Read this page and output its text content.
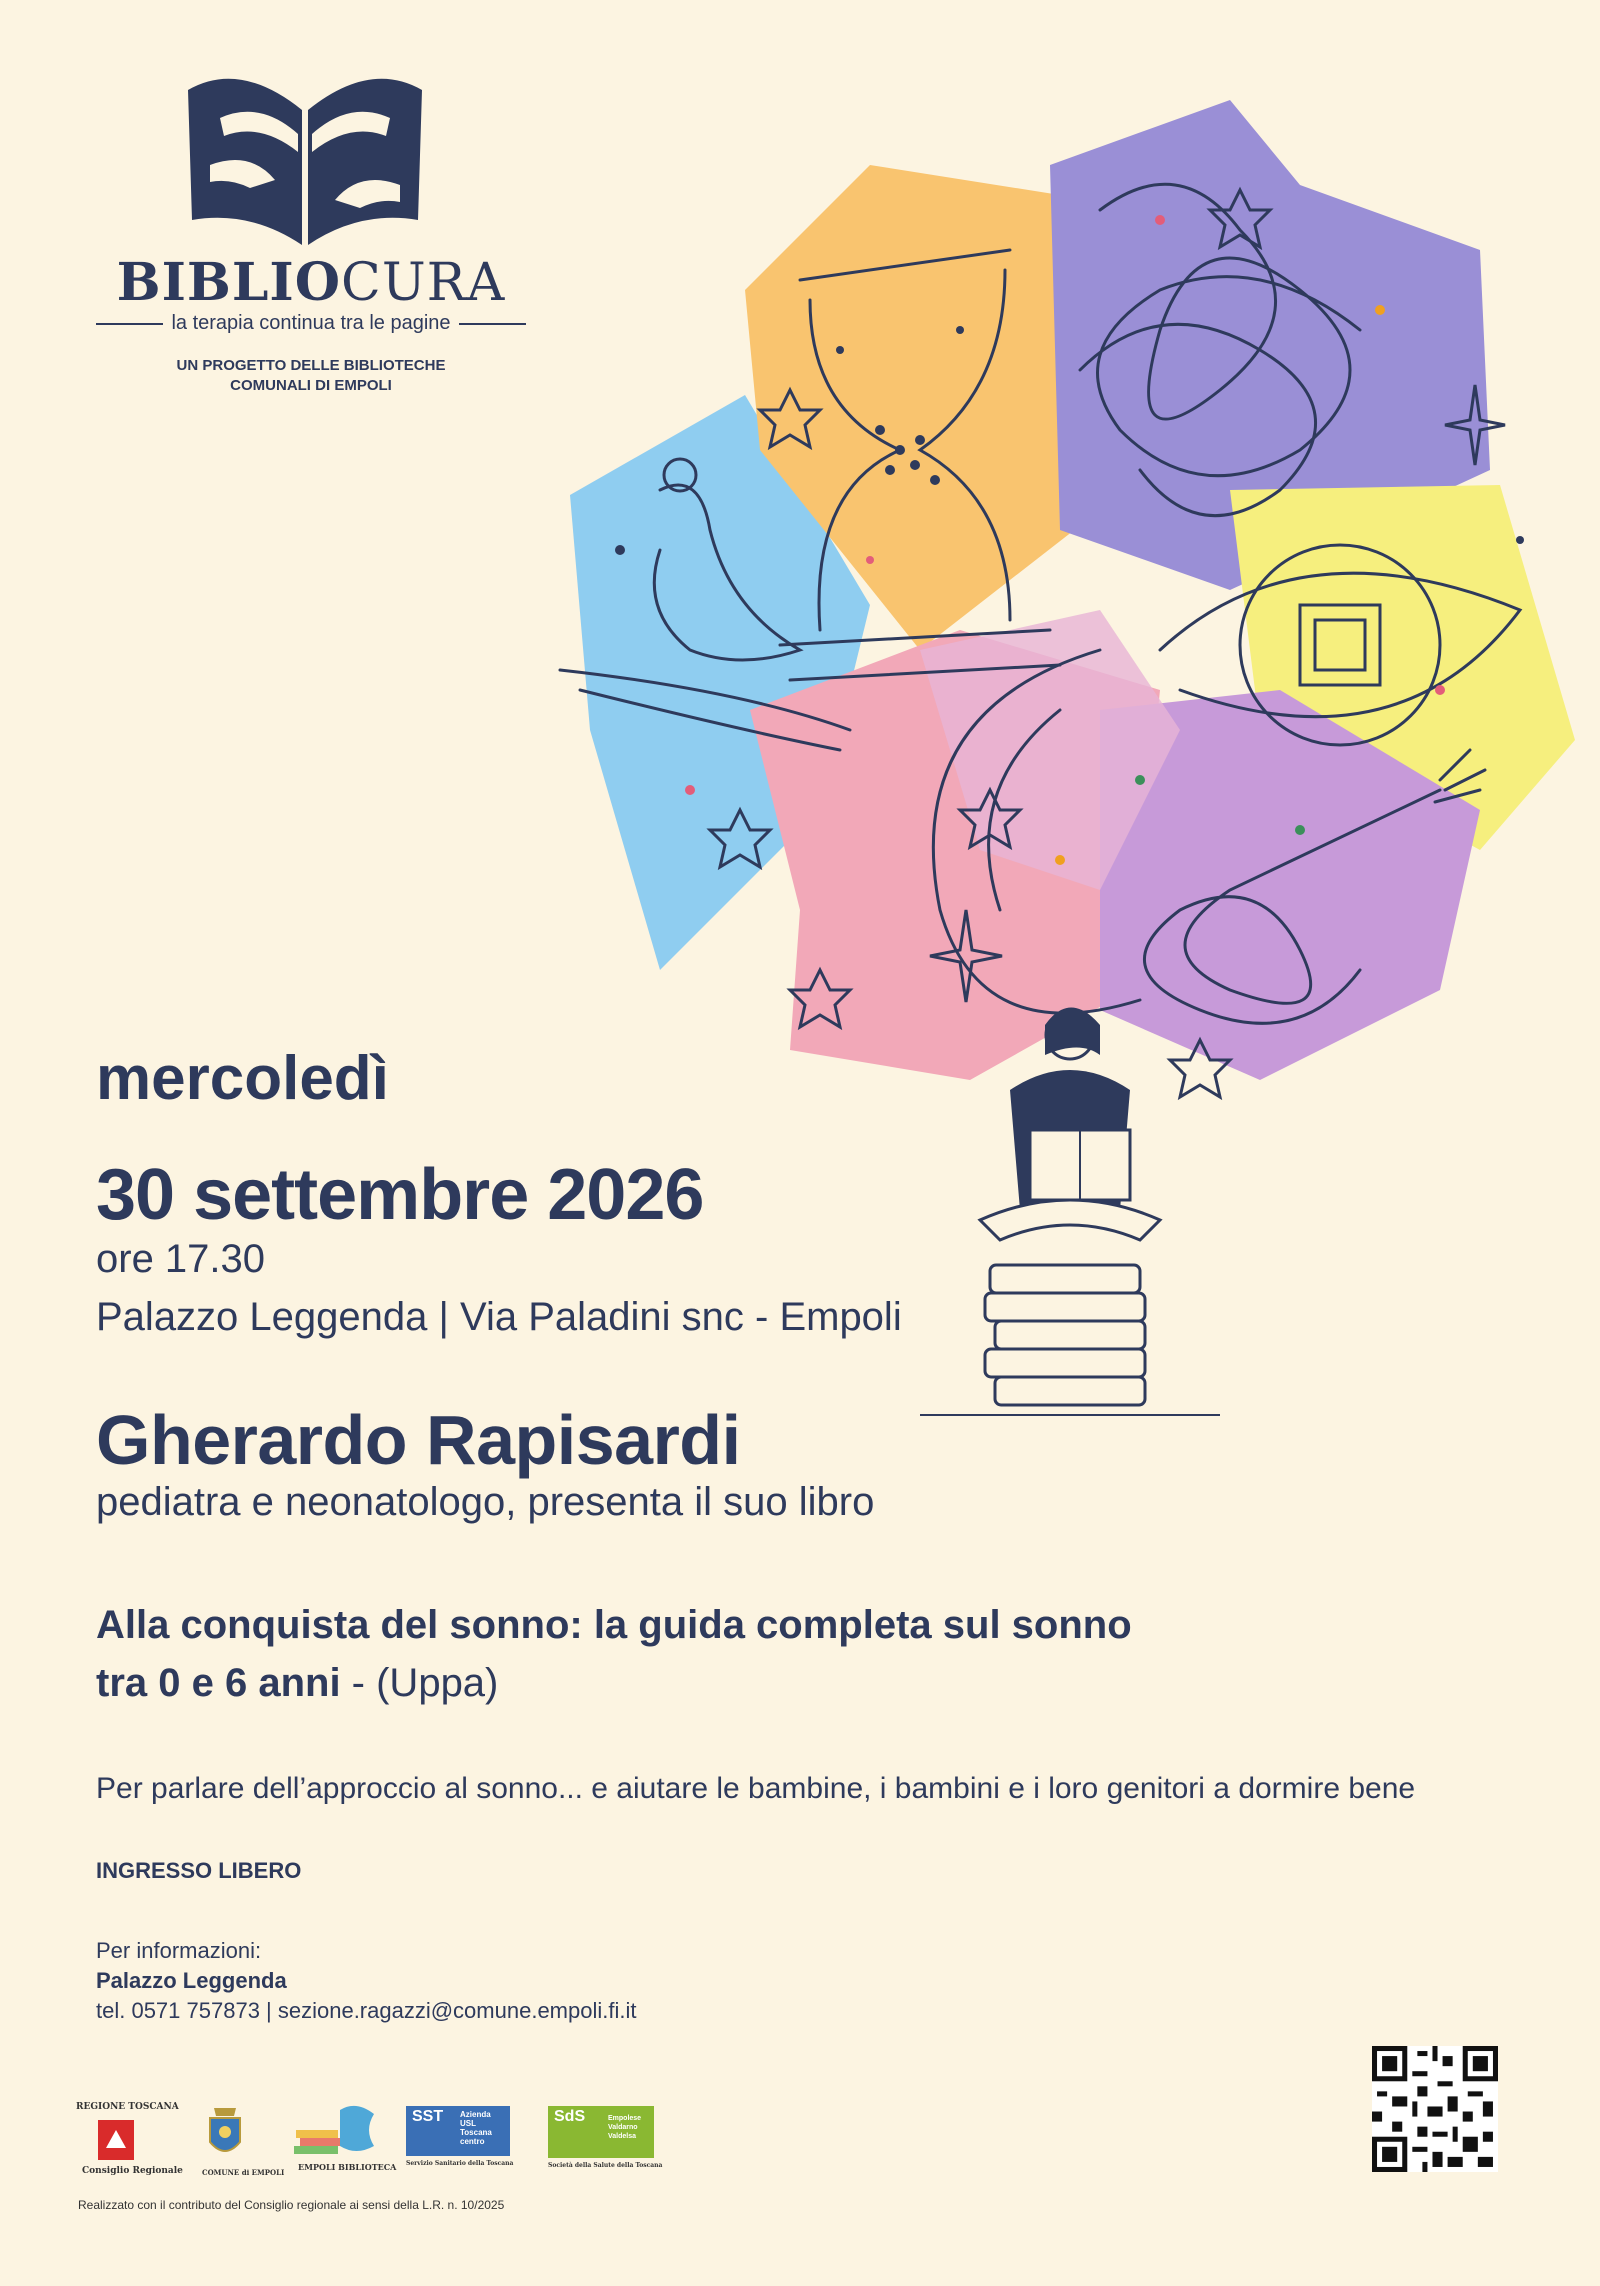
BIBLIOCURA
la terapia continua tra le pagine
UN PROGETTO DELLE BIBLIOTECHE
COMUNALI DI EMPOLI
mercoledì
30 settembre 2026
ore 17.30
Palazzo Leggenda | Via Paladini snc - Empoli
Gherardo Rapisardi
pediatra e neonatologo, presenta il suo libro
Alla conquista del sonno: la guida completa sul sonno
tra 0 e 6 anni - (Uppa)
Per parlare dell’approccio al sonno... e aiutare le bambine, i bambini e i loro genitori a dormire bene
INGRESSO LIBERO
Per informazioni:
Palazzo Leggenda
tel. 0571 757873 | sezione.ragazzi@comune.empoli.fi.it
REGIONE TOSCANA
Consiglio Regionale	COMUNE di EMPOLI
EMPOLI BIBLIOTECA
SST Azienda USL Toscana centro
Servizio Sanitario della Toscana
SdS	Empolese Valdarno Valdelsa
Società della Salute della Toscana
Realizzato con il contributo del Consiglio regionale ai sensi della L.R. n. 10/2025
